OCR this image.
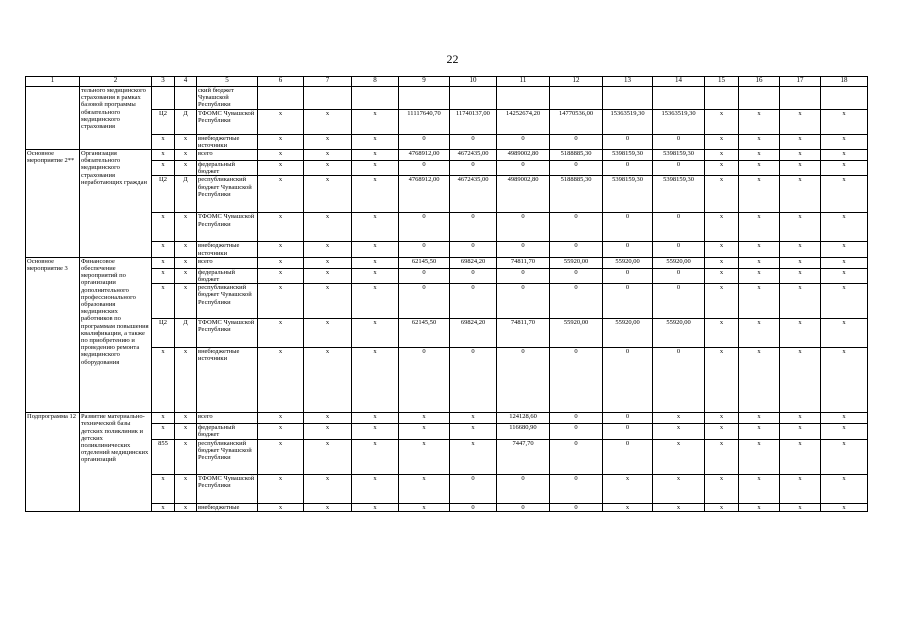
22
1	2	3	4	5	6	7	8	9	10	11	12	13	14	15	16	17	18
	тельного медицинского страхования в рамках базовой программы обязательного медицинского страхования			ский бюджет Чувашской Республики													
		Ц2	Д	ТФОМС Чувашской Республики	х	х	х	11117640,70	11740137,00	14252674,20	14770536,00	15363519,30	15363519,30	х	х	х	х
		х	х	внебюджетные источники	х	х	х	0	0	0	0	0	0	х	х	х	х
Основное мероприятие 2**	Организация обязательного медицинского страхования неработающих граждан	х	х	всего	х	х	х	4768912,00	4672435,00	4989002,80	5188885,30	5398159,30	5398159,30	х	х	х	х
		х	х	федеральный бюджет	х	х	х	0	0	0	0	0	0	х	х	х	х
		Ц2	Д	республиканский бюджет Чувашской Республики	х	х	х	4768912,00	4672435,00	4989002,80	5188885,30	5398159,30	5398159,30	х	х	х	х
		х	х	ТФОМС Чувашской Республики	х	х	х	0	0	0	0	0	0	х	х	х	х
		х	х	внебюджетные источники	х	х	х	0	0	0	0	0	0	х	х	х	х
Основное мероприятие 3	Финансовое обеспечение мероприятий по организации дополнительного профессионального образования медицинских работников по программам повышения квалификации, а также по приобретению и проведению ремонта медицинского оборудования	х	х	всего	х	х	х	62145,50	69824,20	74811,70	55920,00	55920,00	55920,00	х	х	х	х
		х	х	федеральный бюджет	х	х	х	0	0	0	0	0	0	х	х	х	х
		х	х	республиканский бюджет Чувашской Республики	х	х	х	0	0	0	0	0	0	х	х	х	х
		Ц2	Д	ТФОМС Чувашской Республики	х	х	х	62145,50	69824,20	74811,70	55920,00	55920,00	55920,00	х	х	х	х
		х	х	внебюджетные источники	х	х	х	0	0	0	0	0	0	х	х	х	х
Подпрограмма 12	Развитие материально-технической базы детских поликлиник и детских поликлинических отделений медицинских организаций	х	х	всего	х	х	х	х	х	124128,60	0	0	х	х	х	х	х
		х	х	федеральный бюджет	х	х	х	х	х	116680,90	0	0	х	х	х	х	х
		855	х	республиканский бюджет Чувашской Республики	х	х	х	х	х	7447,70	0	0	х	х	х	х	х
		х	х	ТФОМС Чувашской Республики	х	х	х	х	0	0	0	х	х	х	х	х	х
		х	х	внебюджетные	х	х	х	х	0	0	0	х	х	х	х	х	х
